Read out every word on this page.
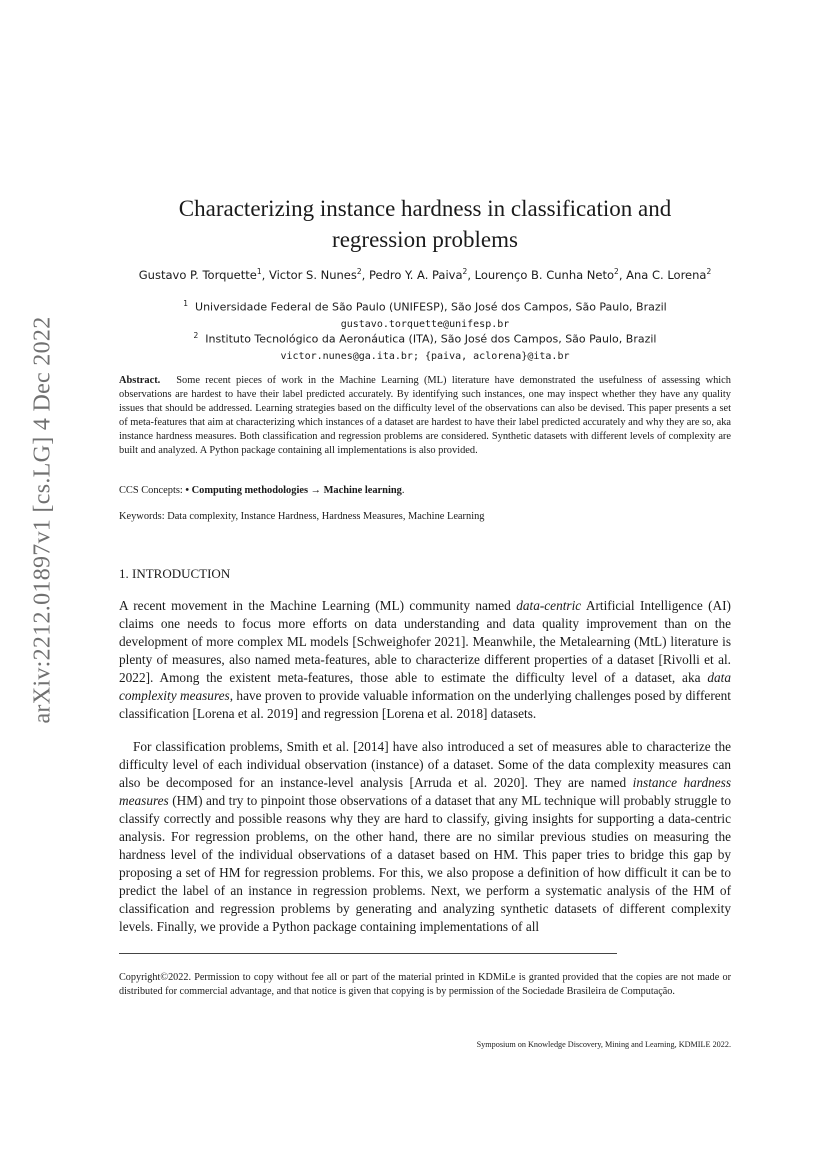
arXiv:2212.01897v1 [cs.LG] 4 Dec 2022
Characterizing instance hardness in classification and
regression problems
Gustavo P. Torquette$^1$, Victor S. Nunes$^2$, Pedro Y. A. Paiva$^2$, Lourenço B. Cunha Neto$^2$, Ana C. Lorena$^2$
$^1$ Universidade Federal de São Paulo (UNIFESP), São José dos Campos, São Paulo, Brazil
gustavo.torquette@unifesp.br
$^2$ Instituto Tecnológico da Aeronáutica (ITA), São José dos Campos, São Paulo, Brazil
victor.nunes@ga.ita.br; {paiva, aclorena}@ita.br
Abstract. Some recent pieces of work in the Machine Learning (ML) literature have demonstrated the usefulness of assessing which observations are hardest to have their label predicted accurately. By identifying such instances, one may inspect whether they have any quality issues that should be addressed. Learning strategies based on the difficulty level of the observations can also be devised. This paper presents a set of meta-features that aim at characterizing which instances of a dataset are hardest to have their label predicted accurately and why they are so, aka instance hardness measures. Both classification and regression problems are considered. Synthetic datasets with different levels of complexity are built and analyzed. A Python package containing all implementations is also provided.
CCS Concepts: • Computing methodologies → Machine learning.
Keywords: Data complexity, Instance Hardness, Hardness Measures, Machine Learning
1. INTRODUCTION

A recent movement in the Machine Learning (ML) community named data-centric Artificial Intelligence (AI) claims one needs to focus more efforts on data understanding and data quality improvement than on the development of more complex ML models [Schweighofer 2021]. Meanwhile, the Metalearning (MtL) literature is plenty of measures, also named meta-features, able to characterize different properties of a dataset [Rivolli et al. 2022]. Among the existent meta-features, those able to estimate the difficulty level of a dataset, aka data complexity measures, have proven to provide valuable information on the underlying challenges posed by different classification [Lorena et al. 2019] and regression [Lorena et al. 2018] datasets.

For classification problems, Smith et al. [2014] have also introduced a set of measures able to characterize the difficulty level of each individual observation (instance) of a dataset. Some of the data complexity measures can also be decomposed for an instance-level analysis [Arruda et al. 2020]. They are named instance hardness measures (HM) and try to pinpoint those observations of a dataset that any ML technique will probably struggle to classify correctly and possible reasons why they are hard to classify, giving insights for supporting a data-centric analysis. For regression problems, on the other hand, there are no similar previous studies on measuring the hardness level of the individual observations of a dataset based on HM. This paper tries to bridge this gap by proposing a set of HM for regression problems. For this, we also propose a definition of how difficult it can be to predict the label of an instance in regression problems. Next, we perform a systematic analysis of the HM of classification and regression problems by generating and analyzing synthetic datasets of different complexity levels. Finally, we provide a Python package containing implementations of all

Copyright©2022. Permission to copy without fee all or part of the material printed in KDMiLe is granted provided that the copies are not made or distributed for commercial advantage, and that notice is given that copying is by permission of the Sociedade Brasileira de Computação.
Symposium on Knowledge Discovery, Mining and Learning, KDMILE 2022.
